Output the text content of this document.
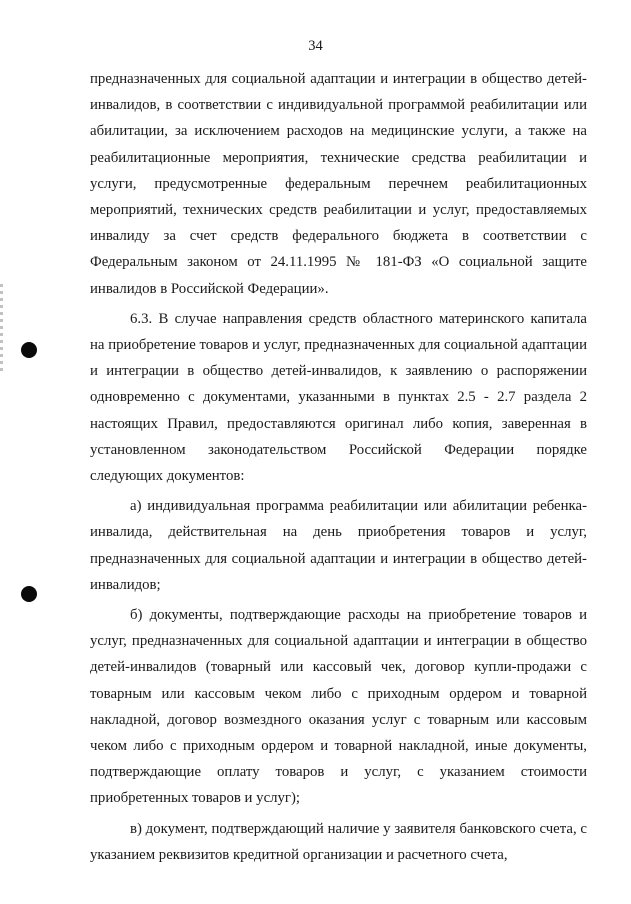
34

предназначенных для социальной адаптации и интеграции в общество детей-инвалидов, в соответствии с индивидуальной программой реабилитации или абилитации, за исключением расходов на медицинские услуги, а также на реабилитационные мероприятия, технические средства реабилитации и услуги, предусмотренные федеральным перечнем реабилитационных мероприятий, технических средств реабилитации и услуг, предоставляемых инвалиду за счет средств федерального бюджета в соответствии с Федеральным законом от 24.11.1995 № 181-ФЗ «О социальной защите инвалидов в Российской Федерации».

6.3. В случае направления средств областного материнского капитала на приобретение товаров и услуг, предназначенных для социальной адаптации и интеграции в общество детей-инвалидов, к заявлению о распоряжении одновременно с документами, указанными в пунктах 2.5 - 2.7 раздела 2 настоящих Правил, предоставляются оригинал либо копия, заверенная в установленном законодательством Российской Федерации порядке следующих документов:

а) индивидуальная программа реабилитации или абилитации ребенка-инвалида, действительная на день приобретения товаров и услуг, предназначенных для социальной адаптации и интеграции в общество детей-инвалидов;

б) документы, подтверждающие расходы на приобретение товаров и услуг, предназначенных для социальной адаптации и интеграции в общество детей-инвалидов (товарный или кассовый чек, договор купли-продажи с товарным или кассовым чеком либо с приходным ордером и товарной накладной, договор возмездного оказания услуг с товарным или кассовым чеком либо с приходным ордером и товарной накладной, иные документы, подтверждающие оплату товаров и услуг, с указанием стоимости приобретенных товаров и услуг);

в) документ, подтверждающий наличие у заявителя банковского счета, с указанием реквизитов кредитной организации и расчетного счета,
